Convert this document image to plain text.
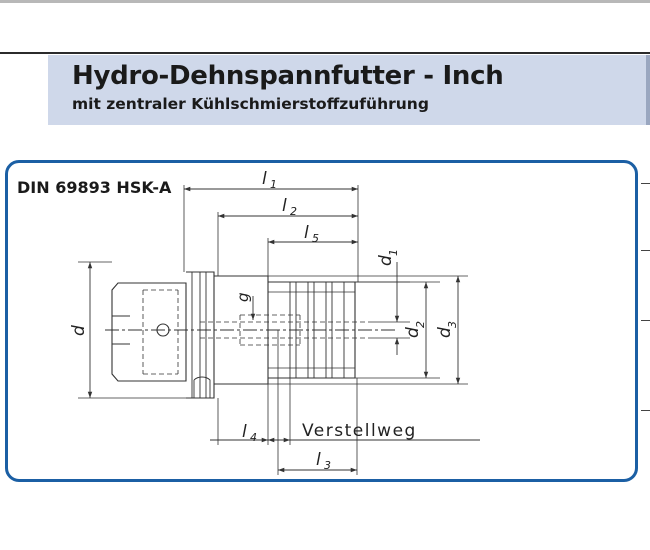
Hydro-Dehnspannfutter - Inch

mit zentraler Kühlschmierstoffzuführung

DIN 69893 HSK-A	l 1
l 2
l 5
l 4
l 3
Verstellweg
d
g
d
1
d
2
d
3
